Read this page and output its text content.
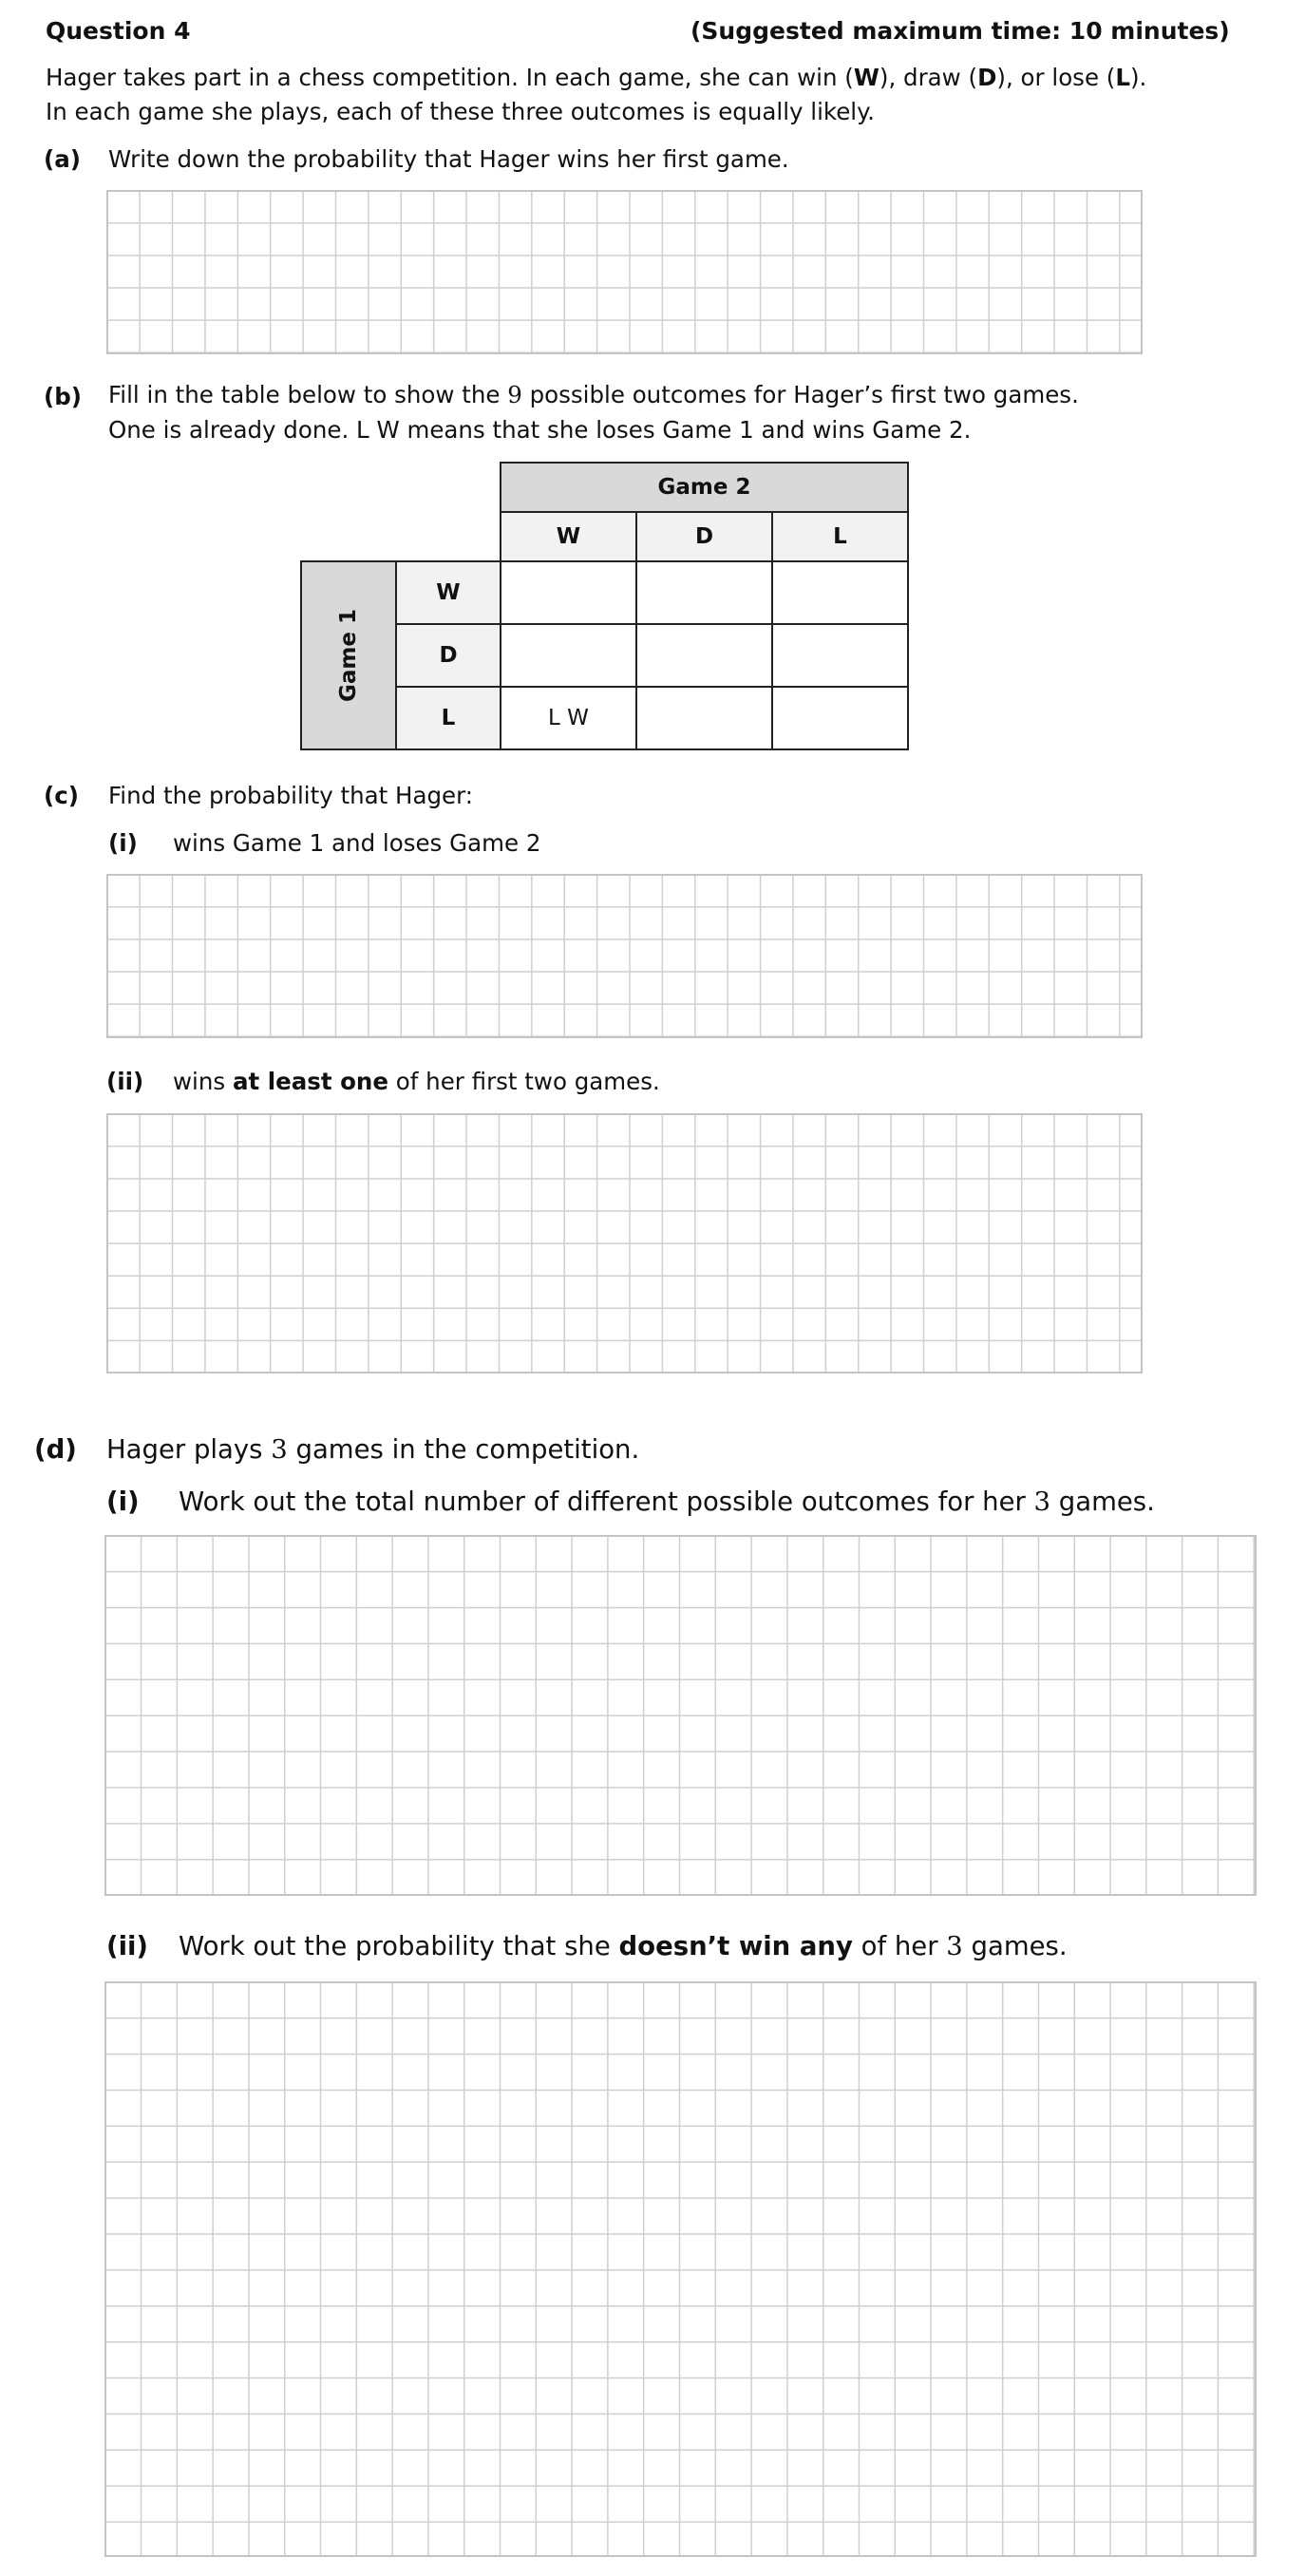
Question 4	(Suggested maximum time: 10 minutes)
Hager takes part in a chess competition. In each game, she can win (W), draw (D), or lose (L).
In each game she plays, each of these three outcomes is equally likely.
(a) Write down the probability that Hager wins her first game.
(b) Fill in the table below to show the 9 possible outcomes for Hager’s first two games.
One is already done. L W means that she loses Game 1 and wins Game 2.
		Game 2		
		W	D	L
Game 1	W			
	D			
	L	L W		
(c) Find the probability that Hager:
(i) wins Game 1 and loses Game 2
(ii) wins at least one of her first two games.
(d) Hager plays 3 games in the competition.
(i) Work out the total number of different possible outcomes for her 3 games.
(ii) Work out the probability that she doesn’t win any of her 3 games.
